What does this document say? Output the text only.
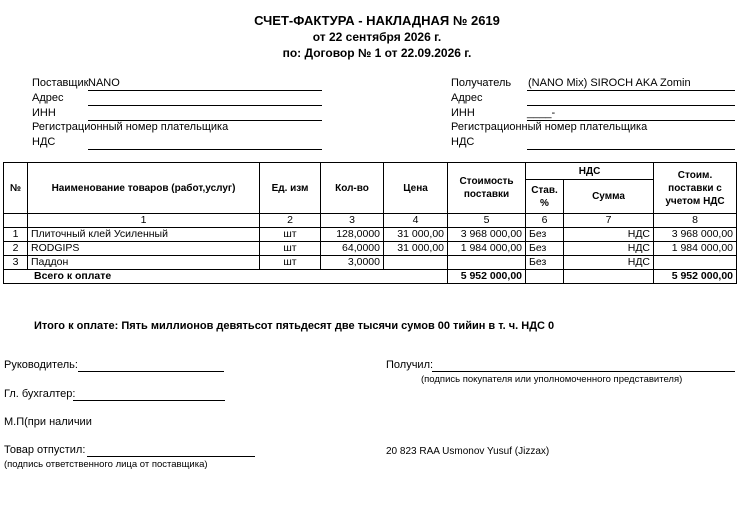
СЧЕТ-ФАКТУРА - НАКЛАДНАЯ № 2619
от 22 сентября 2026 г.
по: Договор № 1 от 22.09.2026 г.
Поставщик NANO
Адрес
ИНН
Регистрационный номер плательщика
НДС
Получатель (NANO Mix) SIROCH AKA Zomin
Адрес
ИНН	____-
Регистрационный номер плательщика
НДС
№	Наименование товаров (работ,услуг)	Ед. изм	Кол-во	Цена	Стоимость поставки	НДС		Стоим. поставки с учетом НДС
						Став. %	Сумма	
	1	2	3	4	5	6	7	8
1	Плиточный клей Усиленный	шт	128,0000	31 000,00	3 968 000,00	Без	НДС	3 968 000,00
2	RODGIPS	шт	64,0000	31 000,00	1 984 000,00	Без	НДС	1 984 000,00
3	Паддон	шт	3,0000			Без	НДС	
Всего к оплате					5 952 000,00			5 952 000,00
Итого к оплате: Пять миллионов девятьсот пятьдесят две тысячи сумов 00 тийин в т. ч. НДС 0
Руководитель:
Гл. бухгалтер:
М.П(при наличии
Товар отпустил:
(подпись ответственного лица от поставщика)
Получил:
(подпись покупателя или уполномоченного представителя)
20 823 RAA Usmonov Yusuf (Jizzax)
